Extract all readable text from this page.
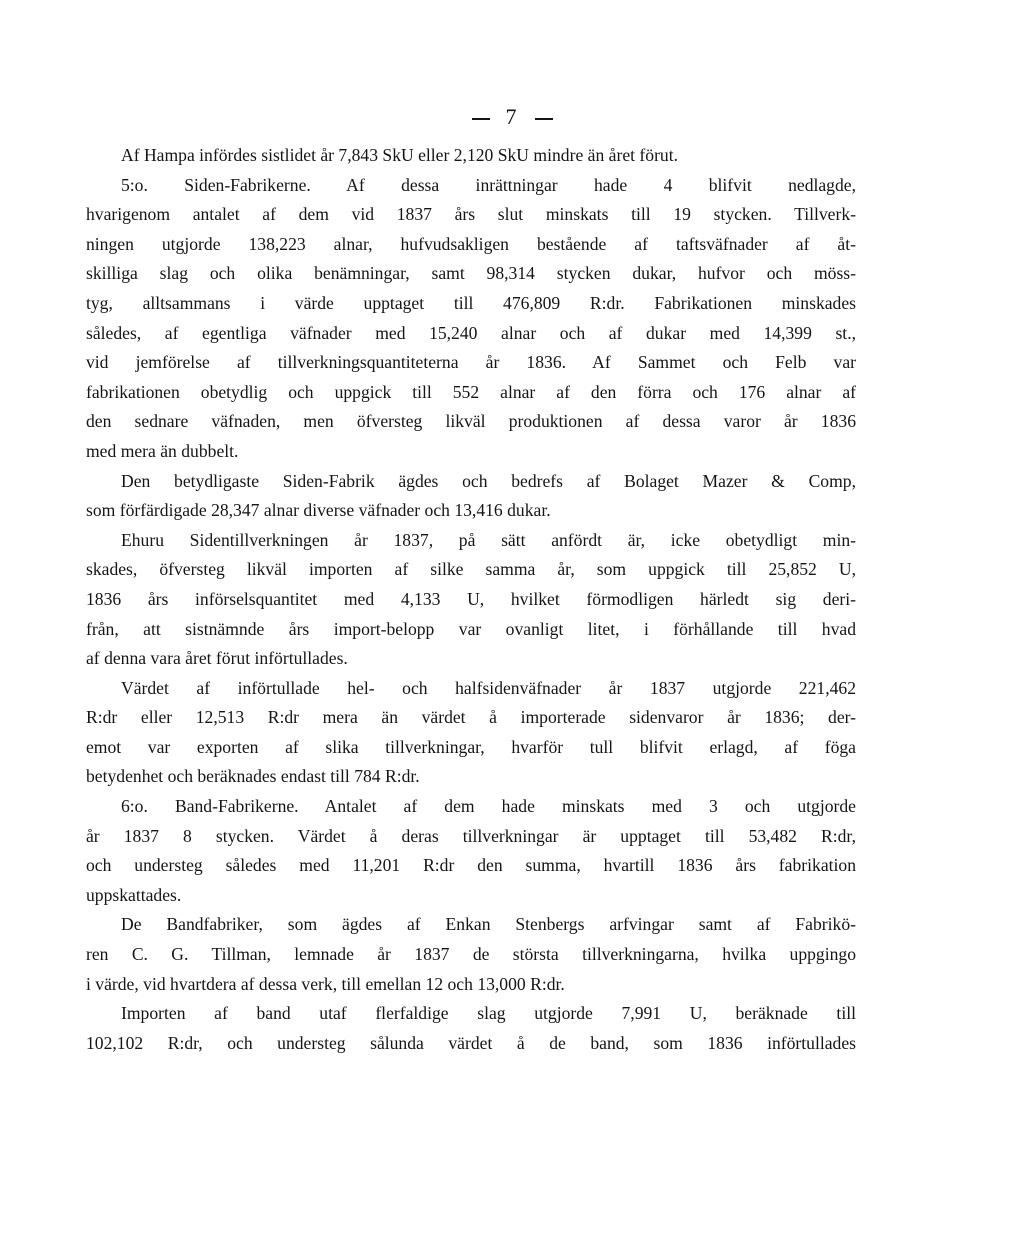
7
Af Hampa infördes sistlidet år 7,843 SkU eller 2,120 SkU mindre än året förut.
5:o. Siden-Fabrikerne. Af dessa inrättningar hade 4 blifvit nedlagde,
hvarigenom antalet af dem vid 1837 års slut minskats till 19 stycken. Tillverk-
ningen utgjorde 138,223 alnar, hufvudsakligen bestående af taftsväfnader af åt-
skilliga slag och olika benämningar, samt 98,314 stycken dukar, hufvor och möss-
tyg, alltsammans i värde upptaget till 476,809 R:dr. Fabrikationen minskades
således, af egentliga väfnader med 15,240 alnar och af dukar med 14,399 st.,
vid jemförelse af tillverkningsquantiteterna år 1836. Af Sammet och Felb var
fabrikationen obetydlig och uppgick till 552 alnar af den förra och 176 alnar af
den sednare väfnaden, men öfversteg likväl produktionen af dessa varor år 1836
med mera än dubbelt.
Den betydligaste Siden-Fabrik ägdes och bedrefs af Bolaget Mazer & Comp,
som förfärdigade 28,347 alnar diverse väfnader och 13,416 dukar.
Ehuru Sidentillverkningen år 1837, på sätt anfördt är, icke obetydligt min-
skades, öfversteg likväl importen af silke samma år, som uppgick till 25,852 U,
1836 års införselsquantitet med 4,133 U, hvilket förmodligen härledt sig deri-
från, att sistnämnde års import-belopp var ovanligt litet, i förhållande till hvad
af denna vara året förut införtullades.
Värdet af införtullade hel- och halfsidenväfnader år 1837 utgjorde 221,462
R:dr eller 12,513 R:dr mera än värdet å importerade sidenvaror år 1836; der-
emot var exporten af slika tillverkningar, hvarför tull blifvit erlagd, af föga
betydenhet och beräknades endast till 784 R:dr.
6:o. Band-Fabrikerne. Antalet af dem hade minskats med 3 och utgjorde
år 1837 8 stycken. Värdet å deras tillverkningar är upptaget till 53,482 R:dr,
och understeg således med 11,201 R:dr den summa, hvartill 1836 års fabrikation
uppskattades.
De Bandfabriker, som ägdes af Enkan Stenbergs arfvingar samt af Fabrikö-
ren C. G. Tillman, lemnade år 1837 de största tillverkningarna, hvilka uppgingo
i värde, vid hvartdera af dessa verk, till emellan 12 och 13,000 R:dr.
Importen af band utaf flerfaldige slag utgjorde 7,991 U, beräknade till
102,102 R:dr, och understeg sålunda värdet å de band, som 1836 införtullades
